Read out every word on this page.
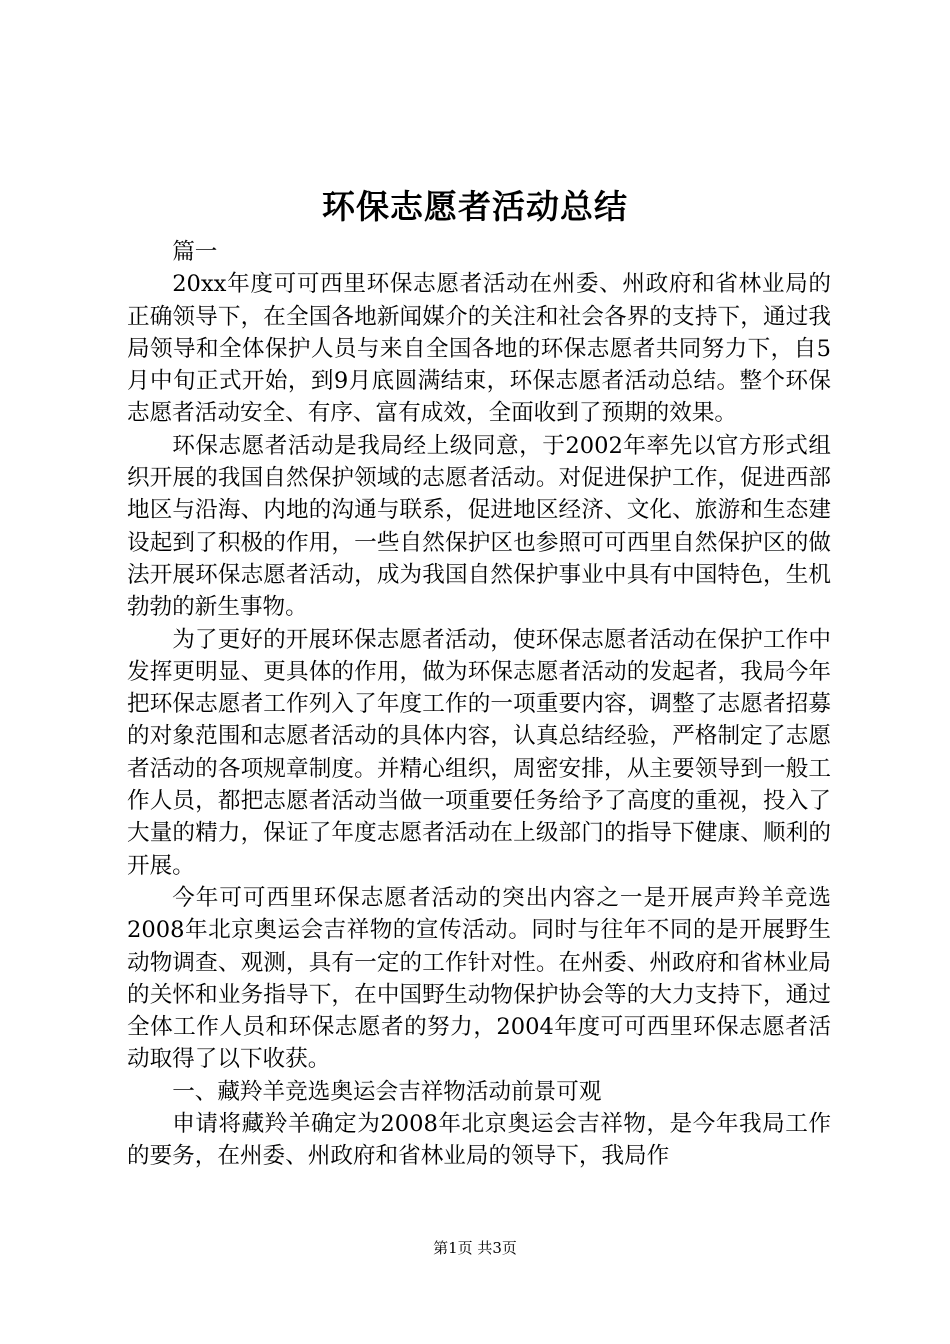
环保志愿者活动总结

篇一

20xx年度可可西里环保志愿者活动在州委、州政府和省林业局的正确领导下，在全国各地新闻媒介的关注和社会各界的支持下，通过我局领导和全体保护人员与来自全国各地的环保志愿者共同努力下，自5月中旬正式开始，到9月底圆满结束，环保志愿者活动总结。整个环保志愿者活动安全、有序、富有成效，全面收到了预期的效果。

环保志愿者活动是我局经上级同意，于2002年率先以官方形式组织开展的我国自然保护领域的志愿者活动。对促进保护工作，促进西部地区与沿海、内地的沟通与联系，促进地区经济、文化、旅游和生态建设起到了积极的作用，一些自然保护区也参照可可西里自然保护区的做法开展环保志愿者活动，成为我国自然保护事业中具有中国特色，生机勃勃的新生事物。

为了更好的开展环保志愿者活动，使环保志愿者活动在保护工作中发挥更明显、更具体的作用，做为环保志愿者活动的发起者，我局今年把环保志愿者工作列入了年度工作的一项重要内容，调整了志愿者招募的对象范围和志愿者活动的具体内容，认真总结经验，严格制定了志愿者活动的各项规章制度。并精心组织，周密安排，从主要领导到一般工作人员，都把志愿者活动当做一项重要任务给予了高度的重视，投入了大量的精力，保证了年度志愿者活动在上级部门的指导下健康、顺利的开展。

今年可可西里环保志愿者活动的突出内容之一是开展声羚羊竞选2008年北京奥运会吉祥物的宣传活动。同时与往年不同的是开展野生动物调查、观测，具有一定的工作针对性。在州委、州政府和省林业局的关怀和业务指导下，在中国野生动物保护协会等的大力支持下，通过全体工作人员和环保志愿者的努力，2004年度可可西里环保志愿者活动取得了以下收获。

一、藏羚羊竞选奥运会吉祥物活动前景可观

申请将藏羚羊确定为2008年北京奥运会吉祥物，是今年我局工作的要务，在州委、州政府和省林业局的领导下，我局作

第1页 共3页
